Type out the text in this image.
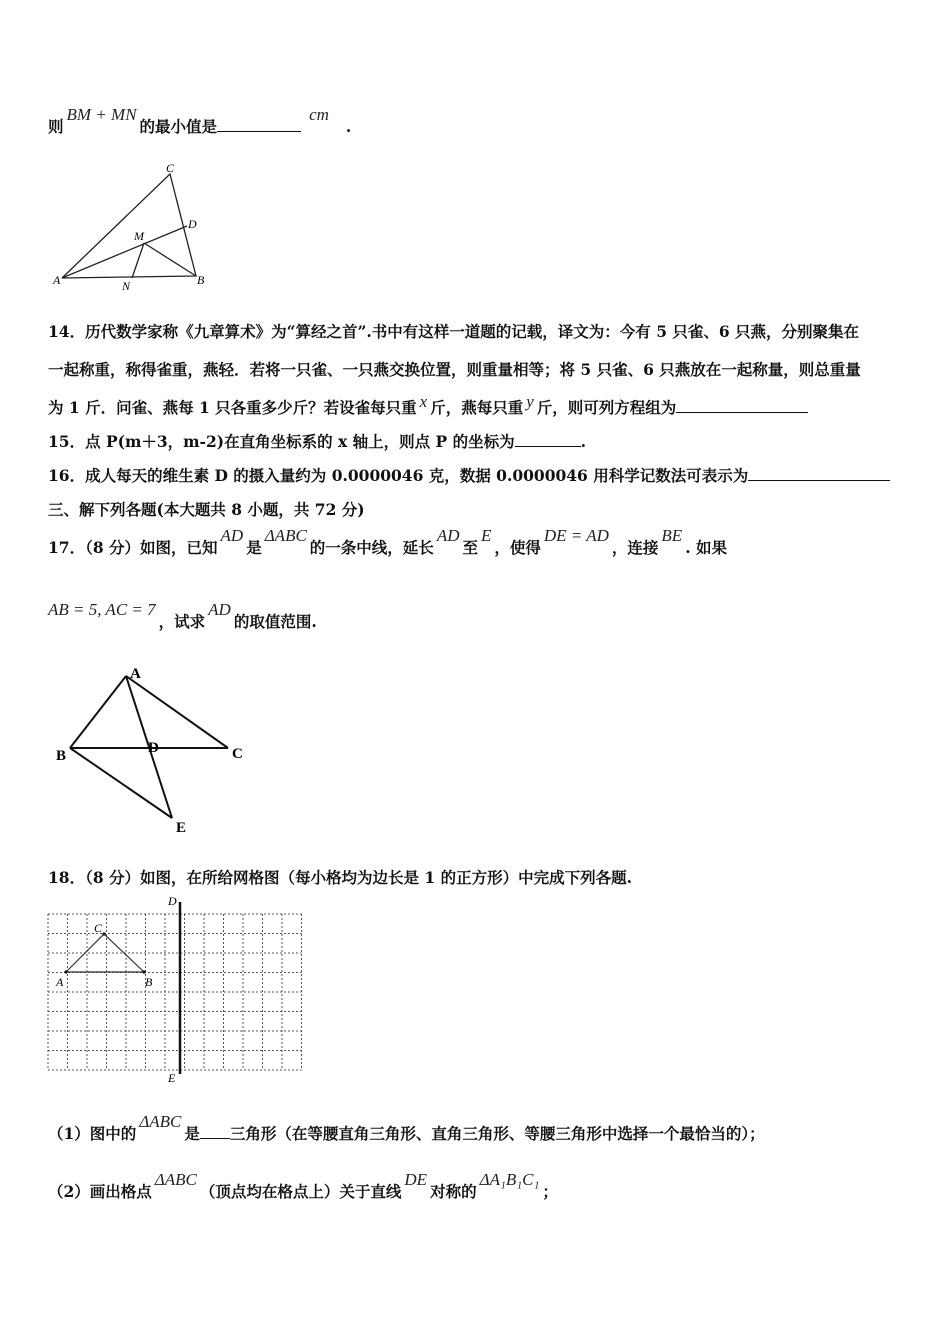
则BM + MN的最小值是cm.
C
D
M
A	N	B
14．历代数学家称《九章算术》为“算经之首”.书中有这样一道题的记载，译文为：今有 5 只雀、6 只燕，分别聚集在
一起称重，称得雀重，燕轻．若将一只雀、一只燕交换位置，则重量相等；将 5 只雀、6 只燕放在一起称量，则总重量
为 1 斤．问雀、燕每 1 只各重多少斤？若设雀每只重 x 斤，燕每只重 y 斤，则可列方程组为
15．点 P(m＋3，m-2)在直角坐标系的 x 轴上，则点 P 的坐标为	.
16．成人每天的维生素 D 的摄入量约为 0.0000046 克，数据 0.0000046 用科学记数法可表示为
三、解下列各题(本大题共 8 小题，共 72 分)
17．（8 分）如图，已知AD是ΔABC的一条中线，延长AD至E，使得DE = AD，连接BE. 如果
AB = 5, AC = 7，试求AD的取值范围.
A
B	D	C
E
18．（8 分）如图，在所给网格图（每小格均为边长是 1 的正方形）中完成下列各题.
D
C
A	B
E
（1）图中的ΔABC是 三角形（在等腰直角三角形、直角三角形、等腰三角形中选择一个最恰当的）；
（2）画出格点ΔABC（顶点均在格点上）关于直线DE对称的ΔA₁B₁C₁；
